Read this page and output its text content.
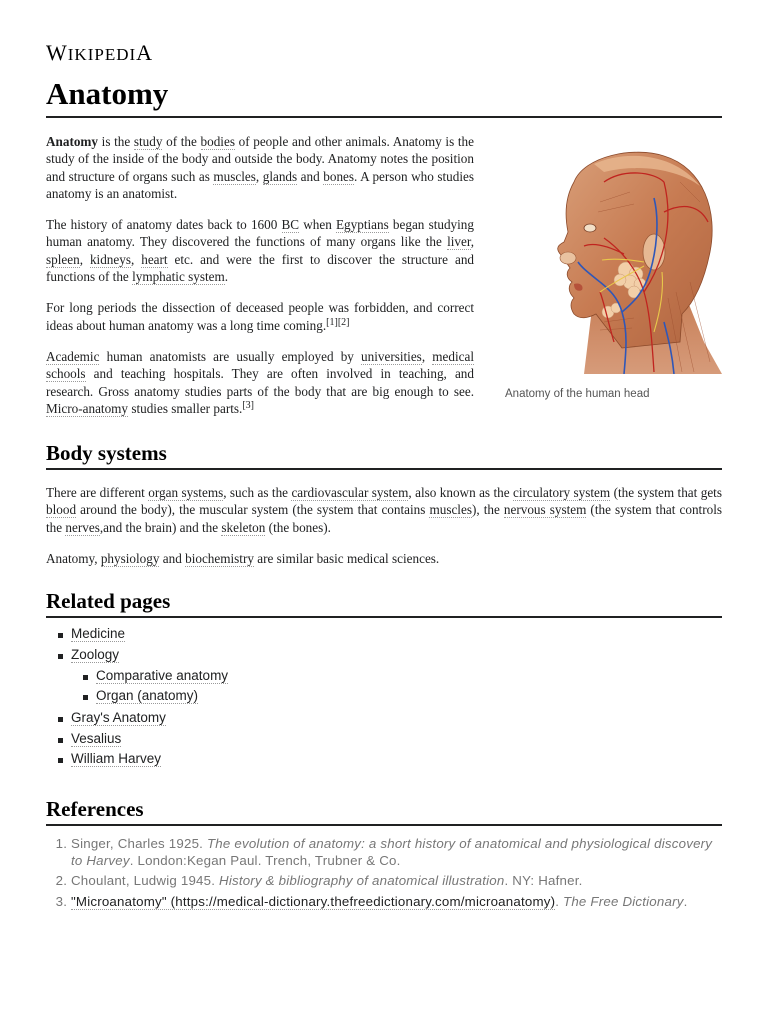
WIKIPEDIA
Anatomy

Anatomy is the study of the bodies of people and other animals. Anatomy is the study of the inside of the body and outside the body. Anatomy notes the position and structure of organs such as muscles, glands and bones. A person who studies anatomy is an anatomist.

The history of anatomy dates back to 1600 BC when Egyptians began studying human anatomy. They discovered the functions of many organs like the liver, spleen, kidneys, heart etc. and were the first to discover the structure and functions of the lymphatic system.

For long periods the dissection of deceased people was forbidden, and correct ideas about human anatomy was a long time coming.[1][2]

Academic human anatomists are usually employed by universities, medical schools and teaching hospitals. They are often involved in teaching, and research. Gross anatomy studies parts of the body that are big enough to see. Micro-anatomy studies smaller parts.[3]

Anatomy of the human head
Body systems

There are different organ systems, such as the cardiovascular system, also known as the circulatory system (the system that gets blood around the body), the muscular system (the system that contains muscles), the nervous system (the system that controls the nerves,and the brain) and the skeleton (the bones).

Anatomy, physiology and biochemistry are similar basic medical sciences.

Related pages
Medicine
Zoology
Comparative anatomy
Organ (anatomy)
Gray's Anatomy
Vesalius
William Harvey
References
1. Singer, Charles 1925. The evolution of anatomy: a short history of anatomical and physiological discovery to Harvey. London:Kegan Paul. Trench, Trubner & Co.
2. Choulant, Ludwig 1945. History & bibliography of anatomical illustration. NY: Hafner.
3. "Microanatomy" (https://medical-dictionary.thefreedictionary.com/microanatomy). The Free Dictionary.
